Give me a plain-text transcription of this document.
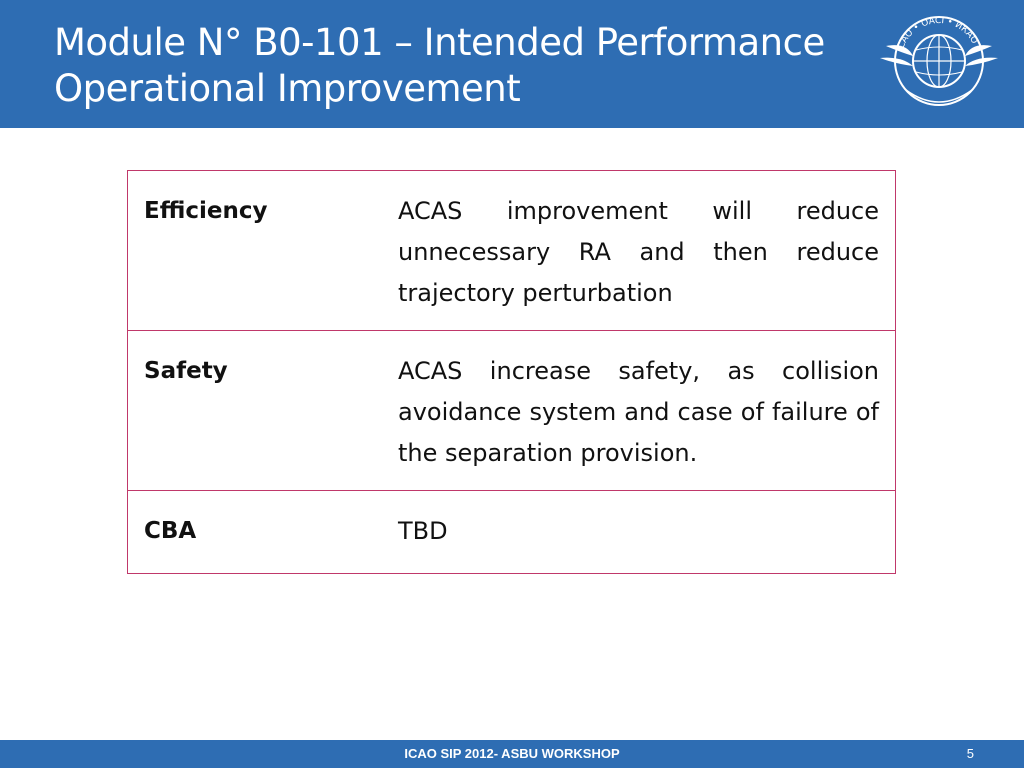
Module N° B0-101 – Intended Performance
Operational Improvement
ICAO • OACI • ИКАО
Efficiency	ACAS improvement will reduce unnecessary RA and then reduce trajectory perturbation
Safety	ACAS increase safety, as collision avoidance system and case of failure of the separation provision.
CBA	TBD
ICAO SIP 2012- ASBU WORKSHOP	5
